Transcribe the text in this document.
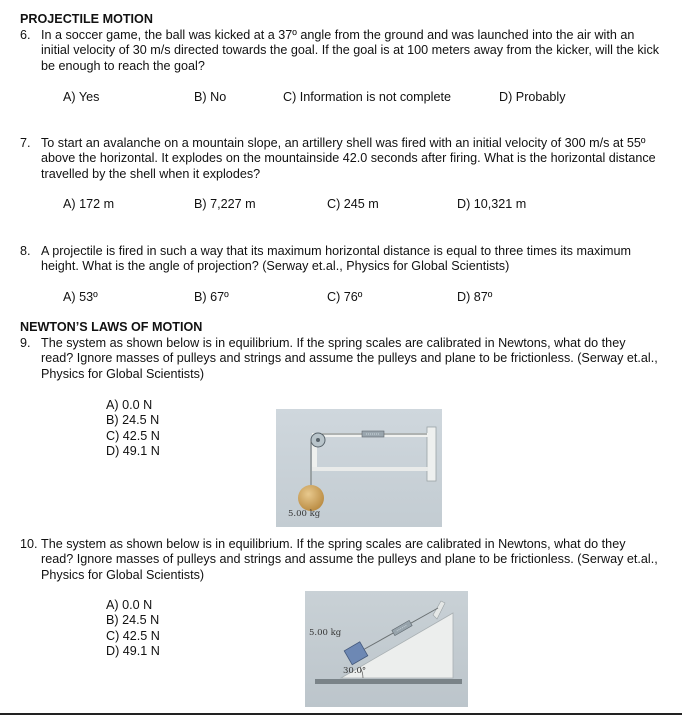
PROJECTILE MOTION
6. In a soccer game, the ball was kicked at a 37º angle from the ground and was launched into the air with an initial velocity of 30 m/s directed towards the goal. If the goal is at 100 meters away from the kicker, will the kick be enough to reach the goal?
A) Yes	B) No	C) Information is not complete	D) Probably
7. To start an avalanche on a mountain slope, an artillery shell was fired with an initial velocity of 300 m/s at 55º above the horizontal. It explodes on the mountainside 42.0 seconds after firing. What is the horizontal distance travelled by the shell when it explodes?
A) 172 m	B) 7,227 m	C) 245 m	D) 10,321 m
8. A projectile is fired in such a way that its maximum horizontal distance is equal to three times its maximum height. What is the angle of projection? (Serway et.al., Physics for Global Scientists)
A) 53º	B) 67º	C) 76º	D) 87º
NEWTON’S LAWS OF MOTION
9. The system as shown below is in equilibrium. If the spring scales are calibrated in Newtons, what do they read? Ignore masses of pulleys and strings and assume the pulleys and plane to be frictionless. (Serway et.al., Physics for Global Scientists)
A) 0.0 N
B) 24.5 N
C) 42.5 N
D) 49.1 N
5.00 kg
10. The system as shown below is in equilibrium. If the spring scales are calibrated in Newtons, what do they read? Ignore masses of pulleys and strings and assume the pulleys and plane to be frictionless. (Serway et.al., Physics for Global Scientists)
A) 0.0 N
B) 24.5 N
C) 42.5 N
D) 49.1 N
5.00 kg
30.0°
